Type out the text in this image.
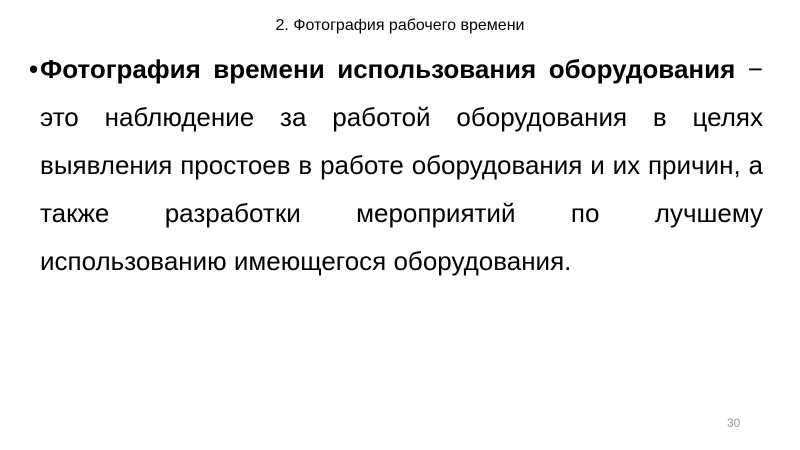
2. Фотография рабочего времени
• Фотография времени использования оборудования −
это наблюдение за работой оборудования в целях
выявления простоев в работе оборудования и их причин, а
также разработки мероприятий по лучшему
использованию имеющегося оборудования.
30
